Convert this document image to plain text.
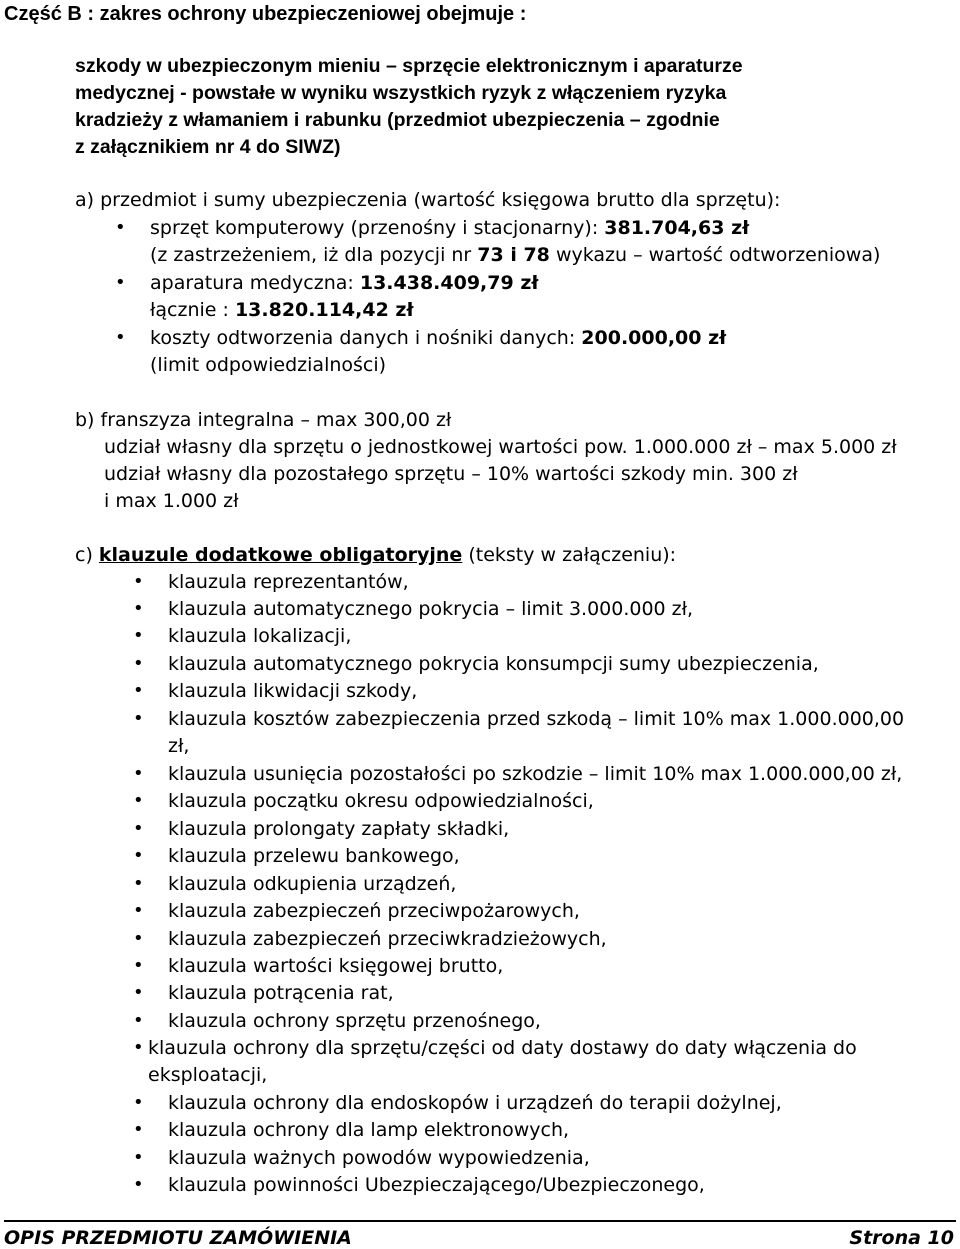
Część B : zakres ochrony ubezpieczeniowej obejmuje :
szkody w ubezpieczonym mieniu – sprzęcie elektronicznym i aparaturze
medycznej - powstałe w wyniku wszystkich ryzyk z włączeniem ryzyka
kradzieży z włamaniem i rabunku (przedmiot ubezpieczenia – zgodnie
z załącznikiem nr 4 do SIWZ)
a) przedmiot i sumy ubezpieczenia (wartość księgowa brutto dla sprzętu):
• sprzęt komputerowy (przenośny i stacjonarny): 381.704,63 zł
(z zastrzeżeniem, iż dla pozycji nr 73 i 78 wykazu – wartość odtworzeniowa)
• aparatura medyczna: 13.438.409,79 zł
łącznie : 13.820.114,42 zł
• koszty odtworzenia danych i nośniki danych: 200.000,00 zł
(limit odpowiedzialności)
b) franszyza integralna – max 300,00 zł
udział własny dla sprzętu o jednostkowej wartości pow. 1.000.000 zł – max 5.000 zł
udział własny dla pozostałego sprzętu – 10% wartości szkody min. 300 zł
i max 1.000 zł
c) klauzule dodatkowe obligatoryjne (teksty w załączeniu):
• klauzula reprezentantów,
• klauzula automatycznego pokrycia – limit 3.000.000 zł,
• klauzula lokalizacji,
• klauzula automatycznego pokrycia konsumpcji sumy ubezpieczenia,
• klauzula likwidacji szkody,
• klauzula kosztów zabezpieczenia przed szkodą – limit 10% max 1.000.000,00
zł,
• klauzula usunięcia pozostałości po szkodzie – limit 10% max 1.000.000,00 zł,
• klauzula początku okresu odpowiedzialności,
• klauzula prolongaty zapłaty składki,
• klauzula przelewu bankowego,
• klauzula odkupienia urządzeń,
• klauzula zabezpieczeń przeciwpożarowych,
• klauzula zabezpieczeń przeciwkradzieżowych,
• klauzula wartości księgowej brutto,
• klauzula potrącenia rat,
• klauzula ochrony sprzętu przenośnego,
• klauzula ochrony dla sprzętu/części od daty dostawy do daty włączenia do
eksploatacji,
• klauzula ochrony dla endoskopów i urządzeń do terapii dożylnej,
• klauzula ochrony dla lamp elektronowych,
• klauzula ważnych powodów wypowiedzenia,
• klauzula powinności Ubezpieczającego/Ubezpieczonego,
OPIS PRZEDMIOTU ZAMÓWIENIA	Strona 10
